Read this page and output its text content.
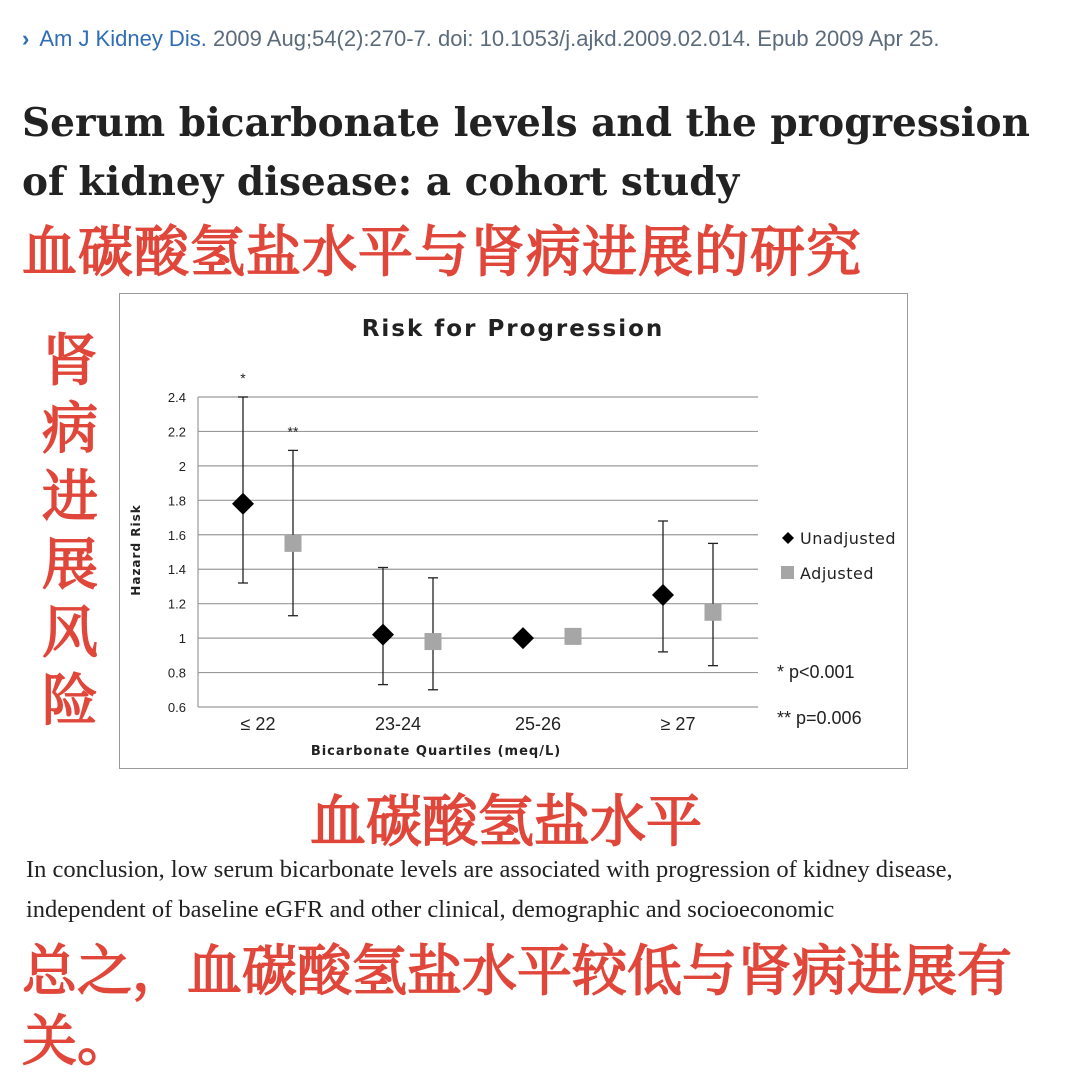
› Am J Kidney Dis. 2009 Aug;54(2):270-7. doi: 10.1053/j.ajkd.2009.02.014. Epub 2009 Apr 25.
Serum bicarbonate levels and the progression of kidney disease: a cohort study
血碳酸氢盐水平与肾病进展的研究
肾
病
进
展
风
险
Risk for Progression
0.6
0.8
1
1.2
1.4
1.6
1.8
2
2.2
2.4
≤ 22	23-24	25-26	≥ 27
Bicarbonate Quartiles (meq/L)
Hazard Risk
*
**
Unadjusted
Adjusted
* p<0.001
** p=0.006
血碳酸氢盐水平
In conclusion, low serum bicarbonate levels are associated with progression of kidney disease, independent of baseline eGFR and other clinical, demographic and socioeconomic
总之，血碳酸氢盐水平较低与肾病进展有关。
